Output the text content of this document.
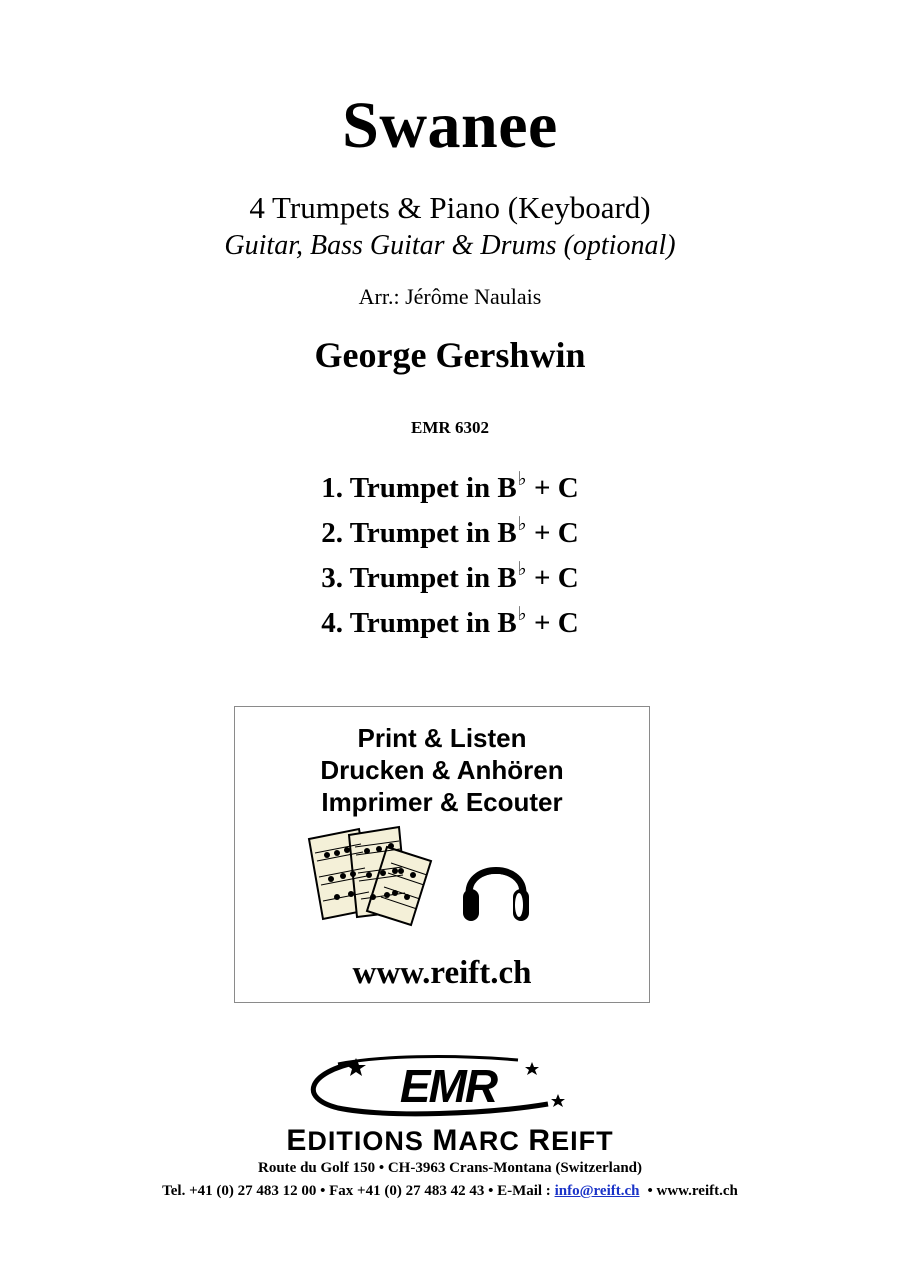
Swanee
4 Trumpets & Piano (Keyboard)
Guitar, Bass Guitar & Drums (optional)
Arr.: Jérôme Naulais
George Gershwin
EMR 6302
1. Trumpet in B♭ + C
2. Trumpet in B♭ + C
3. Trumpet in B♭ + C
4. Trumpet in B♭ + C
Print & Listen
Drucken & Anhören
Imprimer & Ecouter
www.reift.ch
EMR
EDITIONS MARC REIFT
Route du Golf 150 • CH-3963 Crans-Montana (Switzerland)
Tel. +41 (0) 27 483 12 00 • Fax +41 (0) 27 483 42 43 • E-Mail : info@reift.ch • www.reift.ch
